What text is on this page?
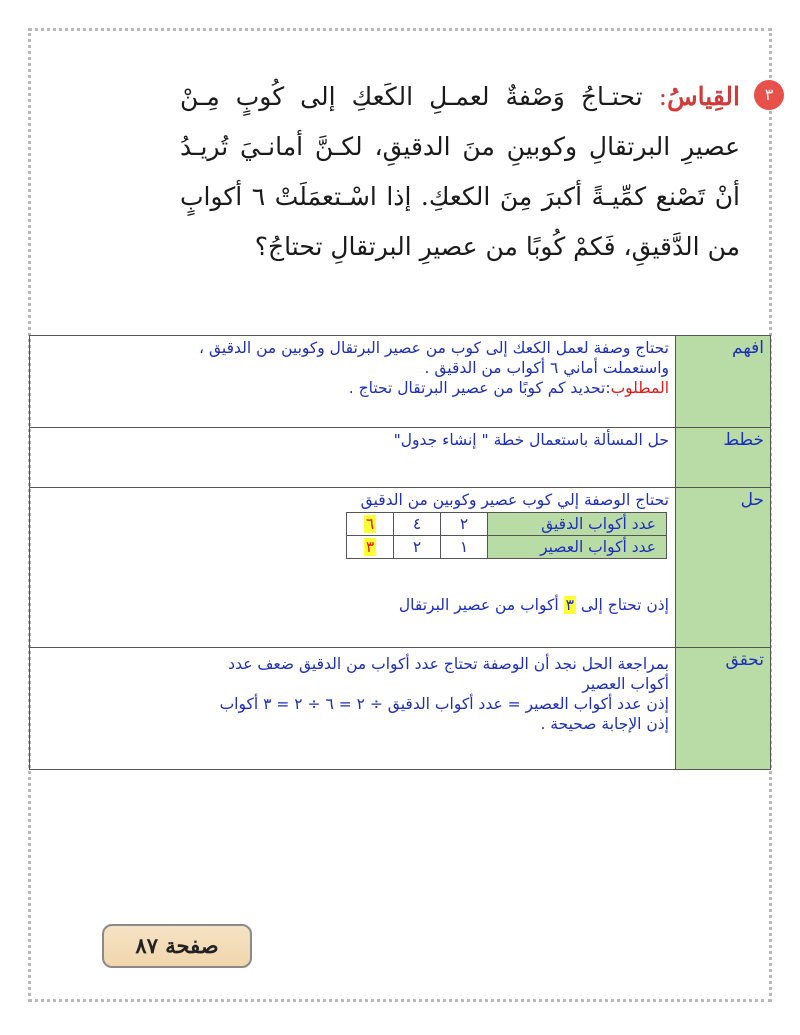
٣
القِياسُ: تحتـاجُ وَصْفةٌ لعمـلِ الكَعكِ إلى كُوبٍ مِـنْ عصيرِ البرتقالِ وكوبينِ منَ الدقيقِ، لكـنَّ أمانـيَ تُريـدُ أنْ تَصْنع كمِّيـةً أكبرَ مِنَ الكعكِ. إذا اسْـتعمَلَتْ ٦ أكوابٍ من الدَّقيقِ، فَكمْ كُوبًا من عصيرِ البرتقالِ تحتاجُ؟
افهم	
تحتاج وصفة لعمل الكعك إلى كوب من عصير البرتقال وكوبين من الدقيق ،
واستعملت أماني ٦ أكواب من الدقيق .
المطلوب:تحديد كم كوبًا من عصير البرتقال تحتاج .

خطط	
حل المسألة باستعمال خطة " إنشاء جدول"

حل	
تحتاج الوصفة إلي كوب عصير وكوبين من الدقيق
عدد أكواب الدقيق	٢	٤	٦
عدد أكواب العصير	١	٢	٣
إذن تحتاج إلى ٣ أكواب من عصير البرتقال

تحقق	
بمراجعة الحل نجد أن الوصفة تحتاج عدد أكواب من الدقيق ضعف عدد
أكواب العصير
إذن عدد أكواب العصير = عدد أكواب الدقيق ÷ ٢ = ٦ ÷ ٢ = ٣ أكواب
إذن الإجابة صحيحة .
صفحة ٨٧
